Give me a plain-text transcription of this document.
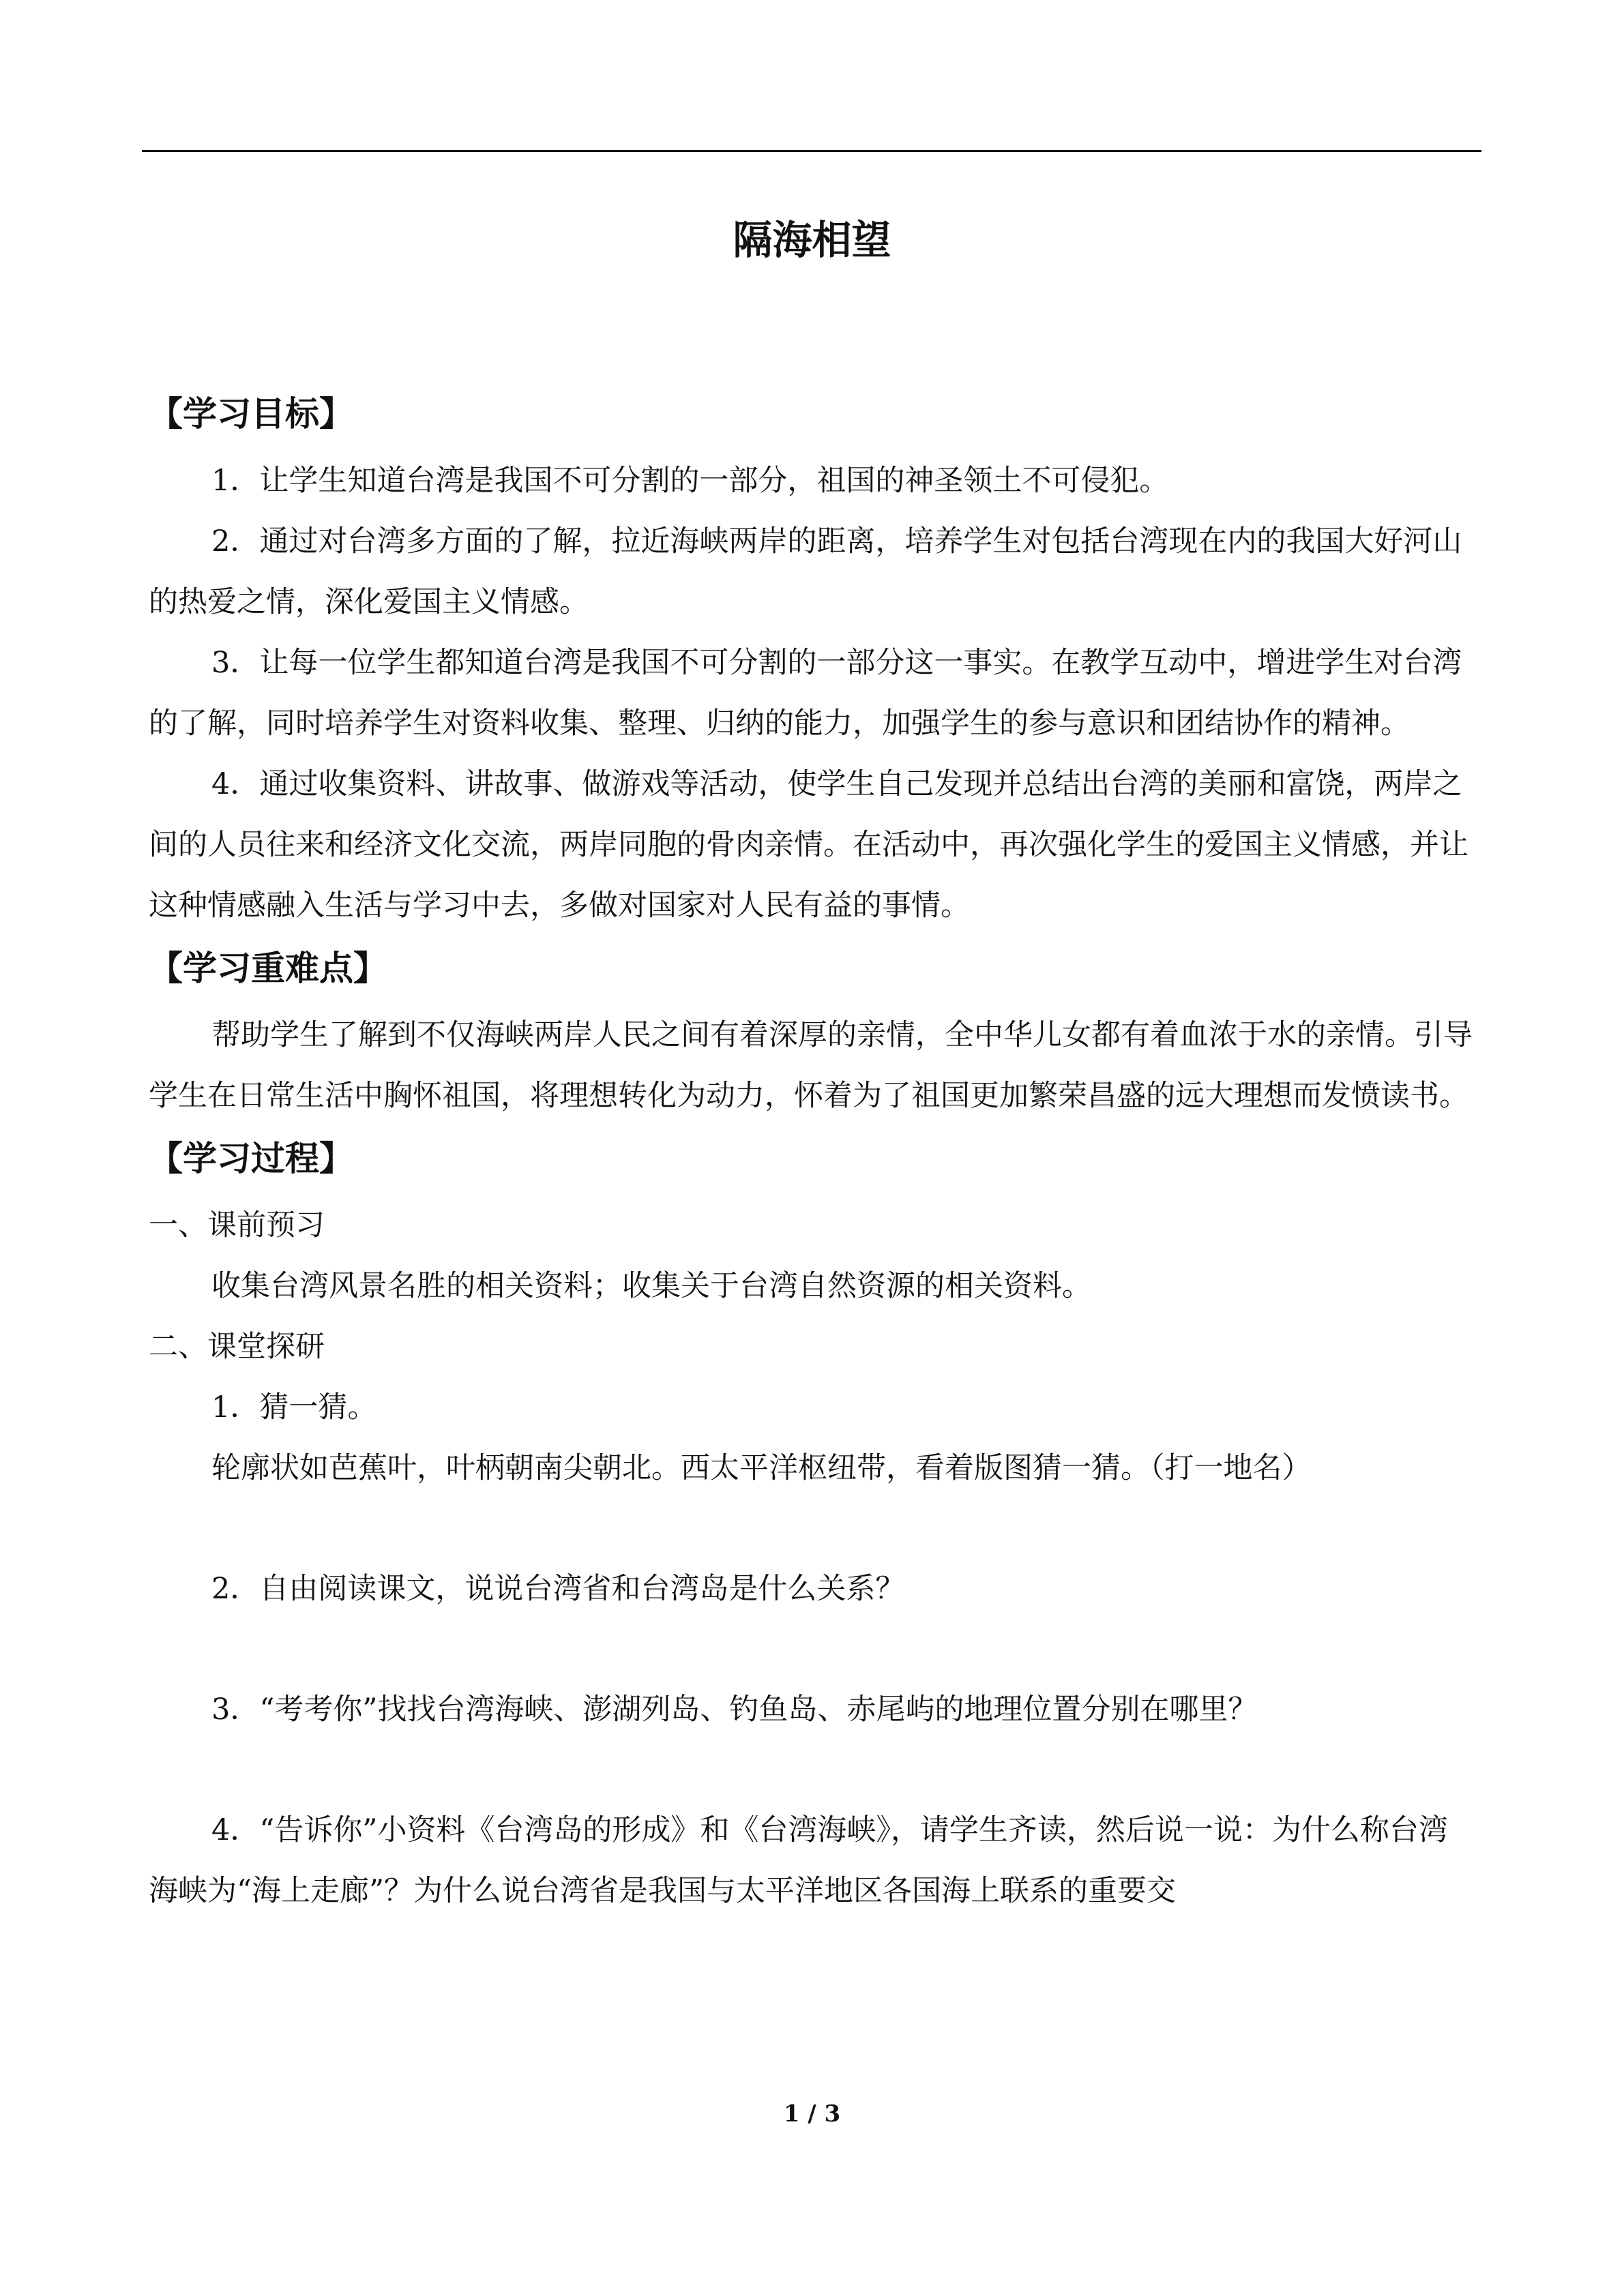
隔海相望
【学习目标】

1．让学生知道台湾是我国不可分割的一部分，祖国的神圣领土不可侵犯。

2．通过对台湾多方面的了解，拉近海峡两岸的距离，培养学生对包括台湾现在内的我国大好河山的热爱之情，深化爱国主义情感。

3．让每一位学生都知道台湾是我国不可分割的一部分这一事实。在教学互动中，增进学生对台湾的了解，同时培养学生对资料收集、整理、归纳的能力，加强学生的参与意识和团结协作的精神。

4．通过收集资料、讲故事、做游戏等活动，使学生自己发现并总结出台湾的美丽和富饶，两岸之间的人员往来和经济文化交流，两岸同胞的骨肉亲情。在活动中，再次强化学生的爱国主义情感，并让这种情感融入生活与学习中去，多做对国家对人民有益的事情。

【学习重难点】

帮助学生了解到不仅海峡两岸人民之间有着深厚的亲情，全中华儿女都有着血浓于水的亲情。引导学生在日常生活中胸怀祖国，将理想转化为动力，怀着为了祖国更加繁荣昌盛的远大理想而发愤读书。

【学习过程】

一、课前预习

收集台湾风景名胜的相关资料；收集关于台湾自然资源的相关资料。

二、课堂探研

1．猜一猜。

轮廓状如芭蕉叶，叶柄朝南尖朝北。西太平洋枢纽带，看着版图猜一猜。（打一地名）

2．自由阅读课文，说说台湾省和台湾岛是什么关系？

3．“考考你”找找台湾海峡、澎湖列岛、钓鱼岛、赤尾屿的地理位置分别在哪里？

4．“告诉你”小资料《台湾岛的形成》和《台湾海峡》，请学生齐读，然后说一说：为什么称台湾海峡为“海上走廊”？为什么说台湾省是我国与太平洋地区各国海上联系的重要交

1 / 3
